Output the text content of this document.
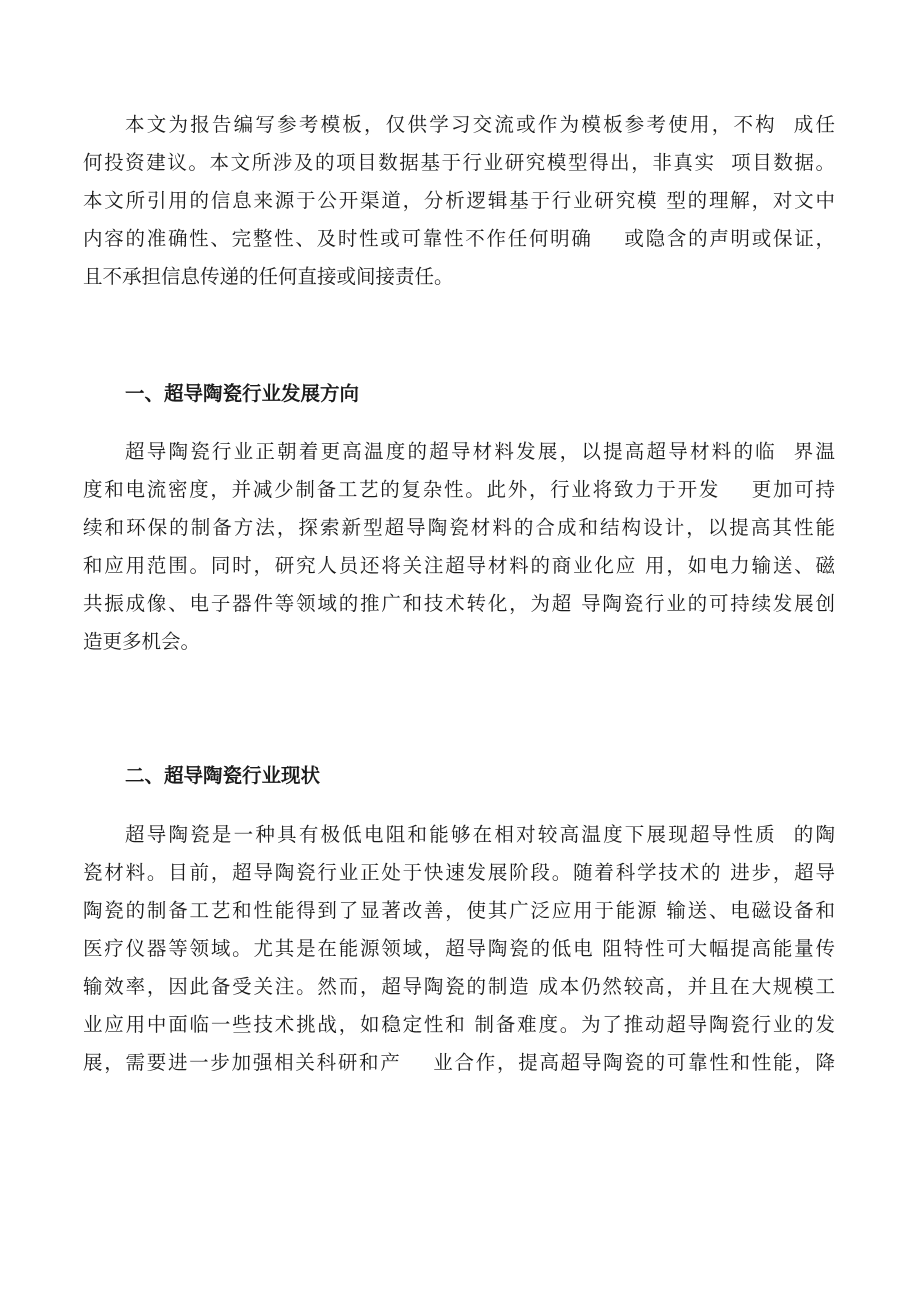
本文为报告编写参考模板，仅供学习交流或作为模板参考使用，不构  成任
何投资建议。本文所涉及的项目数据基于行业研究模型得出，非真实  项目数据。
本文所引用的信息来源于公开渠道，分析逻辑基于行业研究模 型的理解，对文中
内容的准确性、完整性、及时性或可靠性不作任何明确    或隐含的声明或保证，
且不承担信息传递的任何直接或间接责任。
一、超导陶瓷行业发展方向
超导陶瓷行业正朝着更高温度的超导材料发展，以提高超导材料的临  界温
度和电流密度，并减少制备工艺的复杂性。此外，行业将致力于开发    更加可持
续和环保的制备方法，探索新型超导陶瓷材料的合成和结构设计，以提高其性能
和应用范围。同时，研究人员还将关注超导材料的商业化应 用，如电力输送、磁
共振成像、电子器件等领域的推广和技术转化，为超 导陶瓷行业的可持续发展创
造更多机会。
二、超导陶瓷行业现状
超导陶瓷是一种具有极低电阻和能够在相对较高温度下展现超导性质  的陶
瓷材料。目前，超导陶瓷行业正处于快速发展阶段。随着科学技术的 进步，超导
陶瓷的制备工艺和性能得到了显著改善，使其广泛应用于能源 输送、电磁设备和
医疗仪器等领域。尤其是在能源领域，超导陶瓷的低电 阻特性可大幅提高能量传
输效率，因此备受关注。然而，超导陶瓷的制造 成本仍然较高，并且在大规模工
业应用中面临一些技术挑战，如稳定性和 制备难度。为了推动超导陶瓷行业的发
展，需要进一步加强相关科研和产    业合作，提高超导陶瓷的可靠性和性能，降
